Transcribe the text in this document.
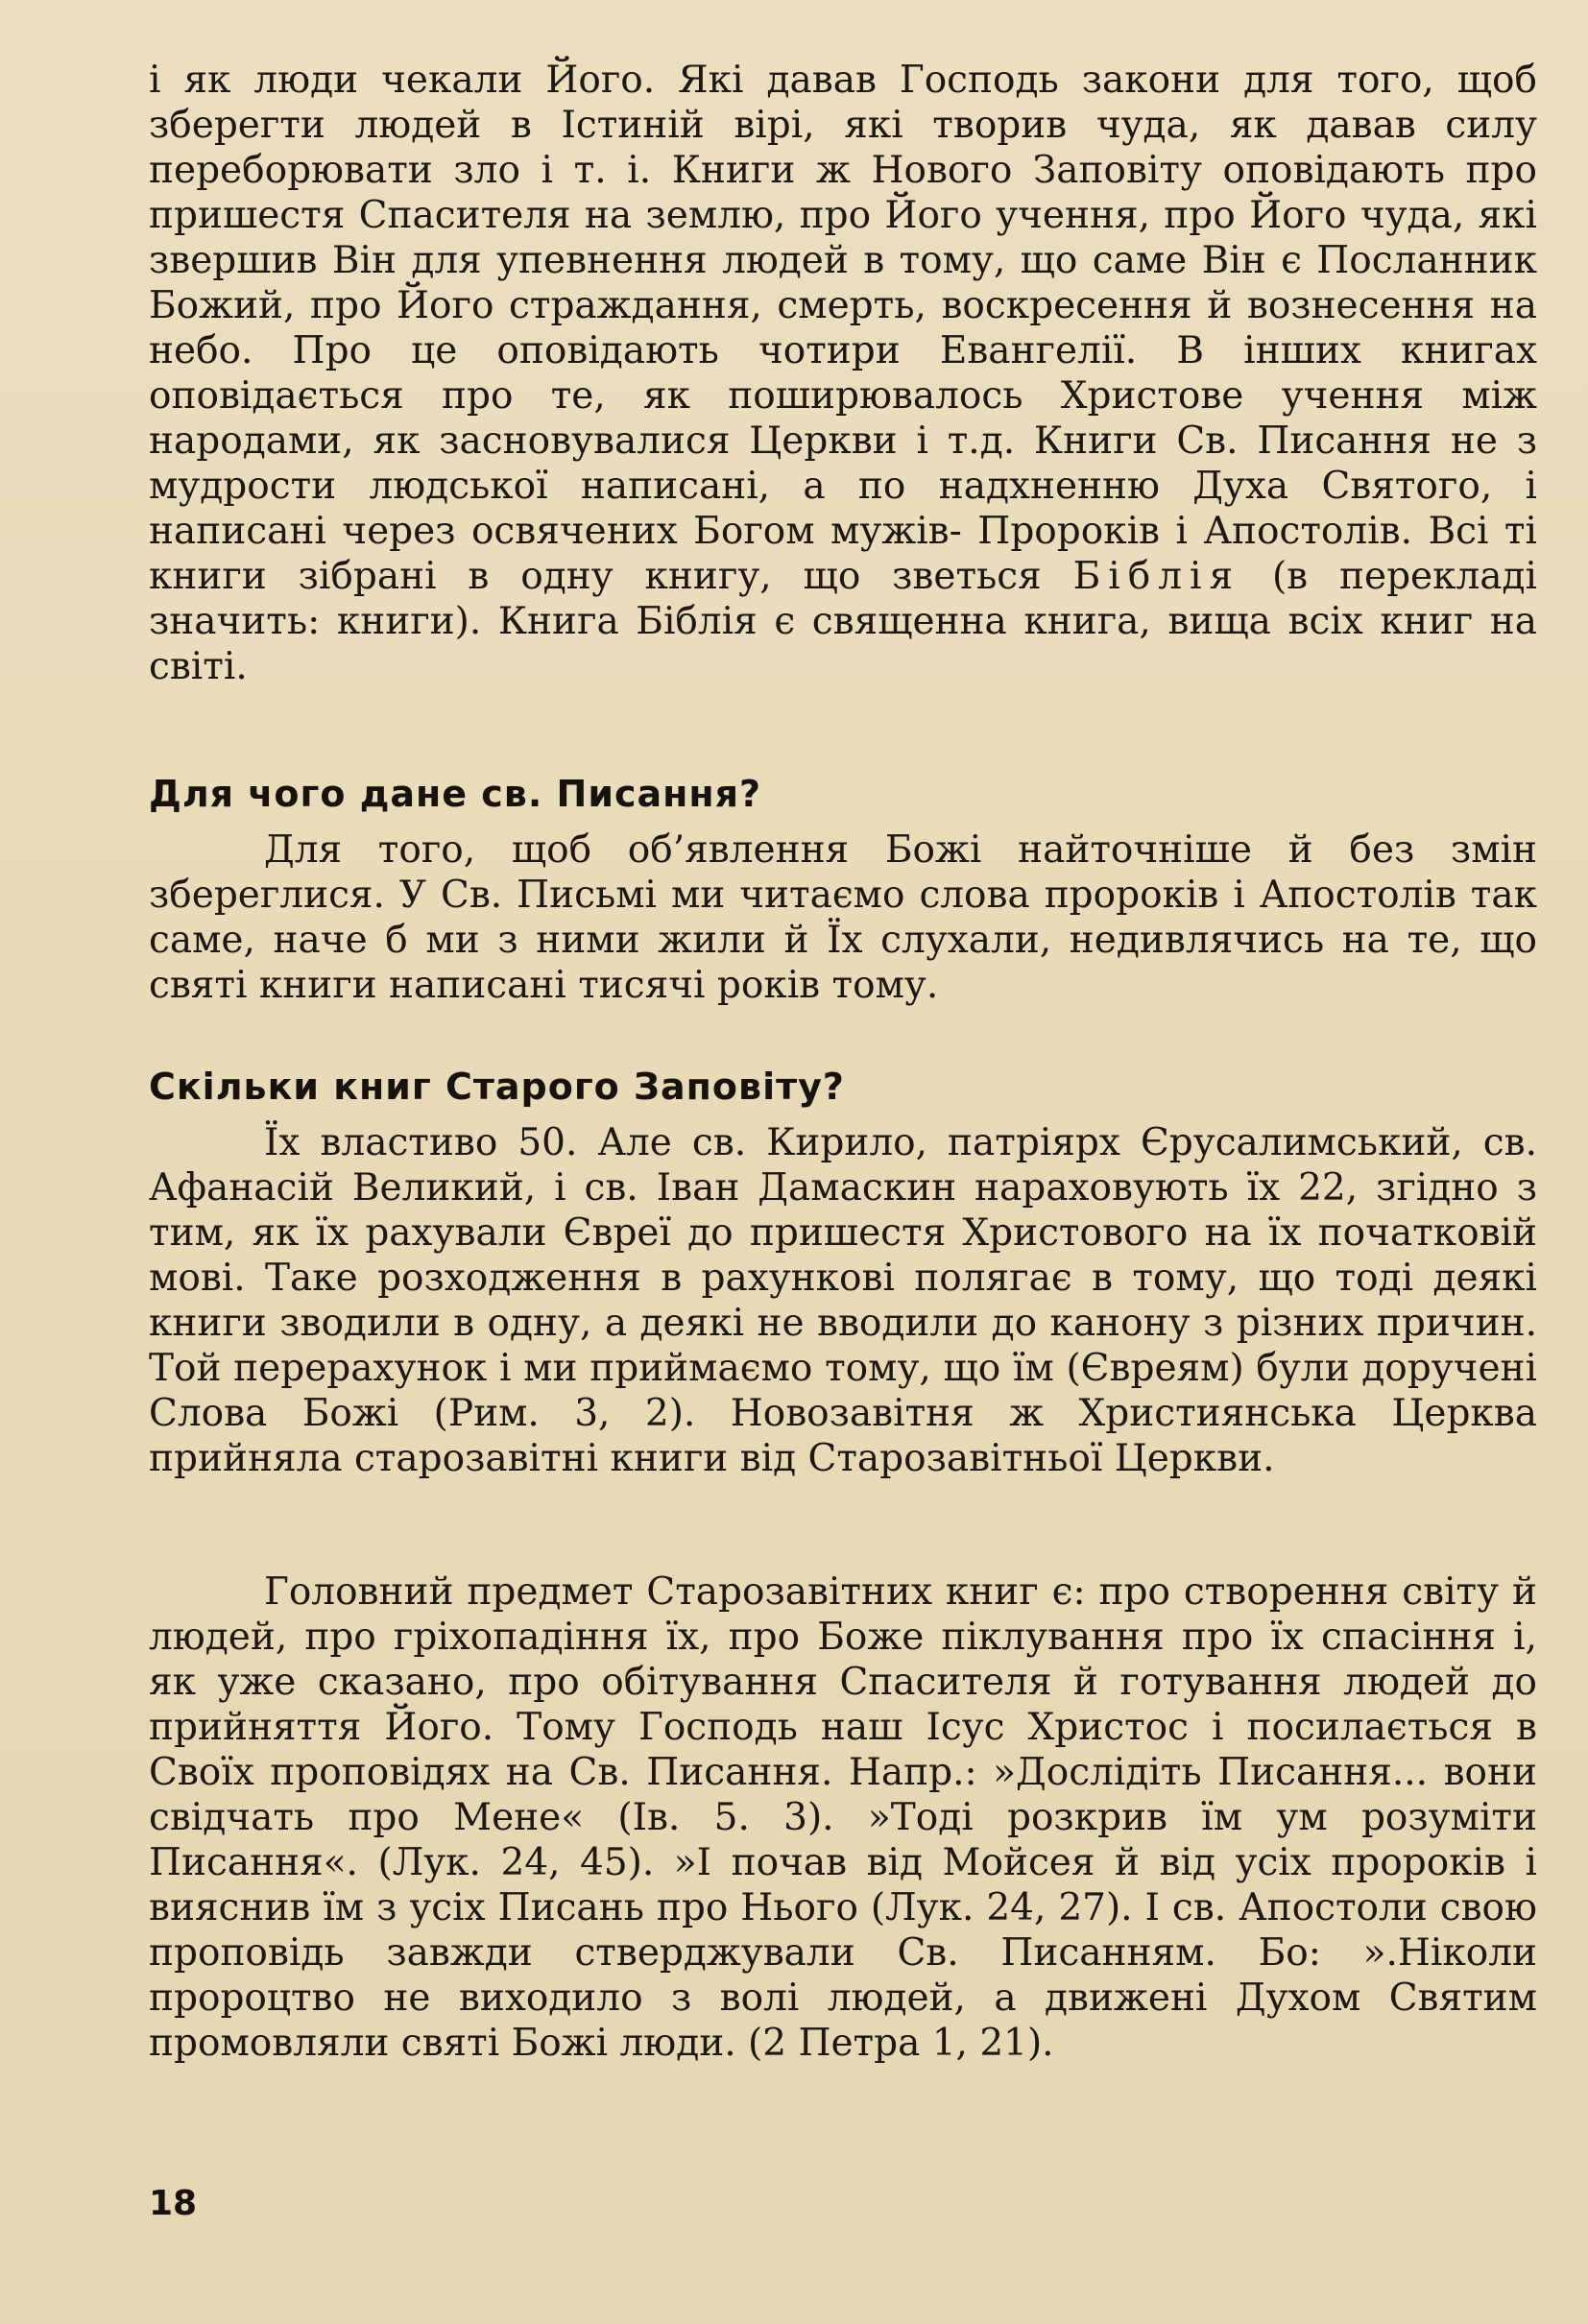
і як люди чекали Його. Які давав Господь закони для того, щоб зберегти людей в Істиній вірі, які творив чуда, як давав силу переборювати зло і т. і. Книги ж Нового Заповіту оповідають про пришестя Спасителя на землю, про Його учення, про Його чуда, які звершив Він для упевнення людей в тому, що саме Він є Посланник Божий, про Його страждання, смерть, воскресення й вознесення на небо. Про це оповідають чотири Евангелії. В інших книгах оповідається про те, як поширювалось Христове учення між народами, як засновувалися Церкви і т.д. Книги Св. Писання не з мудрости людської написані, а по надхненню Духа Святого, і написані через освячених Богом мужів- Пророків і Апостолів. Всі ті книги зібрані в одну книгу, що зветься Біблія (в перекладі значить: книги). Книга Біблія є священна книга, вища всіх книг на світі.

Для чого дане св. Писання?

Для того, щоб об’явлення Божі найточніше й без змін збереглися. У Св. Письмі ми читаємо слова пророків і Апостолів так саме, наче б ми з ними жили й Їх слухали, недивлячись на те, що святі книги написані тисячі років тому.

Скільки книг Старого Заповіту?

Їх властиво 50. Але св. Кирило, патріярх Єрусалимський, св. Афанасій Великий, і св. Іван Дамаскин нараховують їх 22, згідно з тим, як їх рахували Євреї до пришестя Христового на їх початковій мові. Таке розходження в рахункові полягає в тому, що тоді деякі книги зводили в одну, а деякі не вводили до канону з різних причин. Той перерахунок і ми приймаємо тому, що їм (Євреям) були доручені Слова Божі (Рим. 3, 2). Новозавітня ж Християнська Церква прийняла старозавітні книги від Старозавітньої Церкви.

Головний предмет Старозавітних книг є: про створення світу й людей, про гріхопадіння їх, про Боже піклування про їх спасіння і, як уже сказано, про обітування Спасителя й готування людей до прийняття Його. Тому Господь наш Ісус Христос і посилається в Своїх проповідях на Св. Писання. Напр.: »Дослідіть Писання... вони свідчать про Мене« (Ів. 5. 3). »Тоді розкрив їм ум розуміти Писання«. (Лук. 24, 45). »І почав від Мойсея й від усіх пророків і вияснив їм з усіх Писань про Нього (Лук. 24, 27). І св. Апостоли свою проповідь завжди стверджували Св. Писанням. Бо: ».Ніколи пророцтво не виходило з волі людей, а движені Духом Святим промовляли святі Божі люди. (2 Петра 1, 21).

18
